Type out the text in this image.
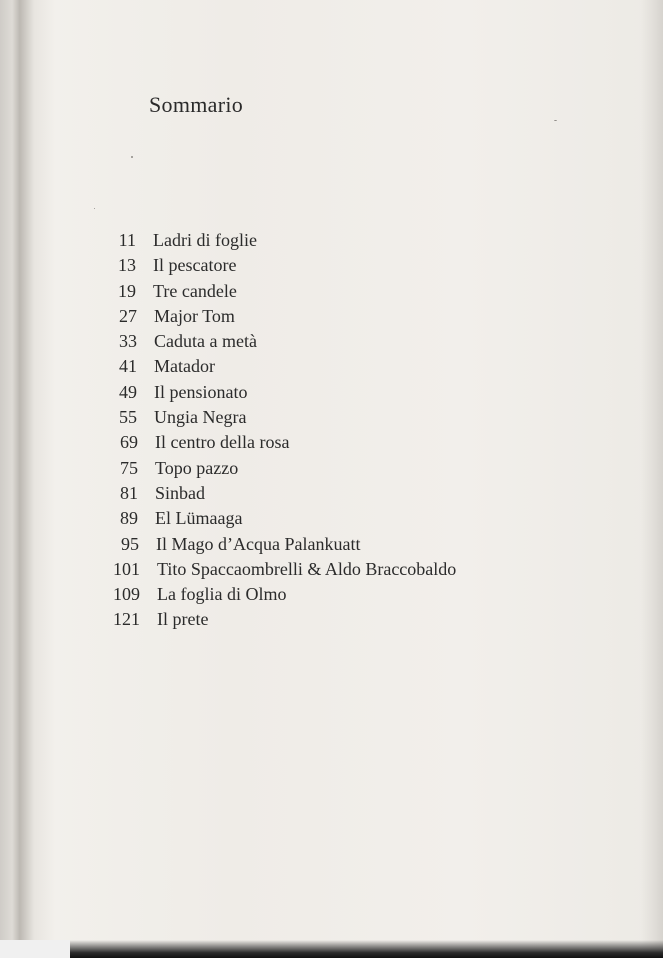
Sommario
11 Ladri di foglie
13 Il pescatore
19 Tre candele
27 Major Tom
33 Caduta a metà
41 Matador
49 Il pensionato
55 Ungia Negra
69 Il centro della rosa
75 Topo pazzo
81 Sinbad
89 El Lümaaga
95 Il Mago d’Acqua Palankuatt
101 Tito Spaccaombrelli & Aldo Braccobaldo
109 La foglia di Olmo
121 Il prete
